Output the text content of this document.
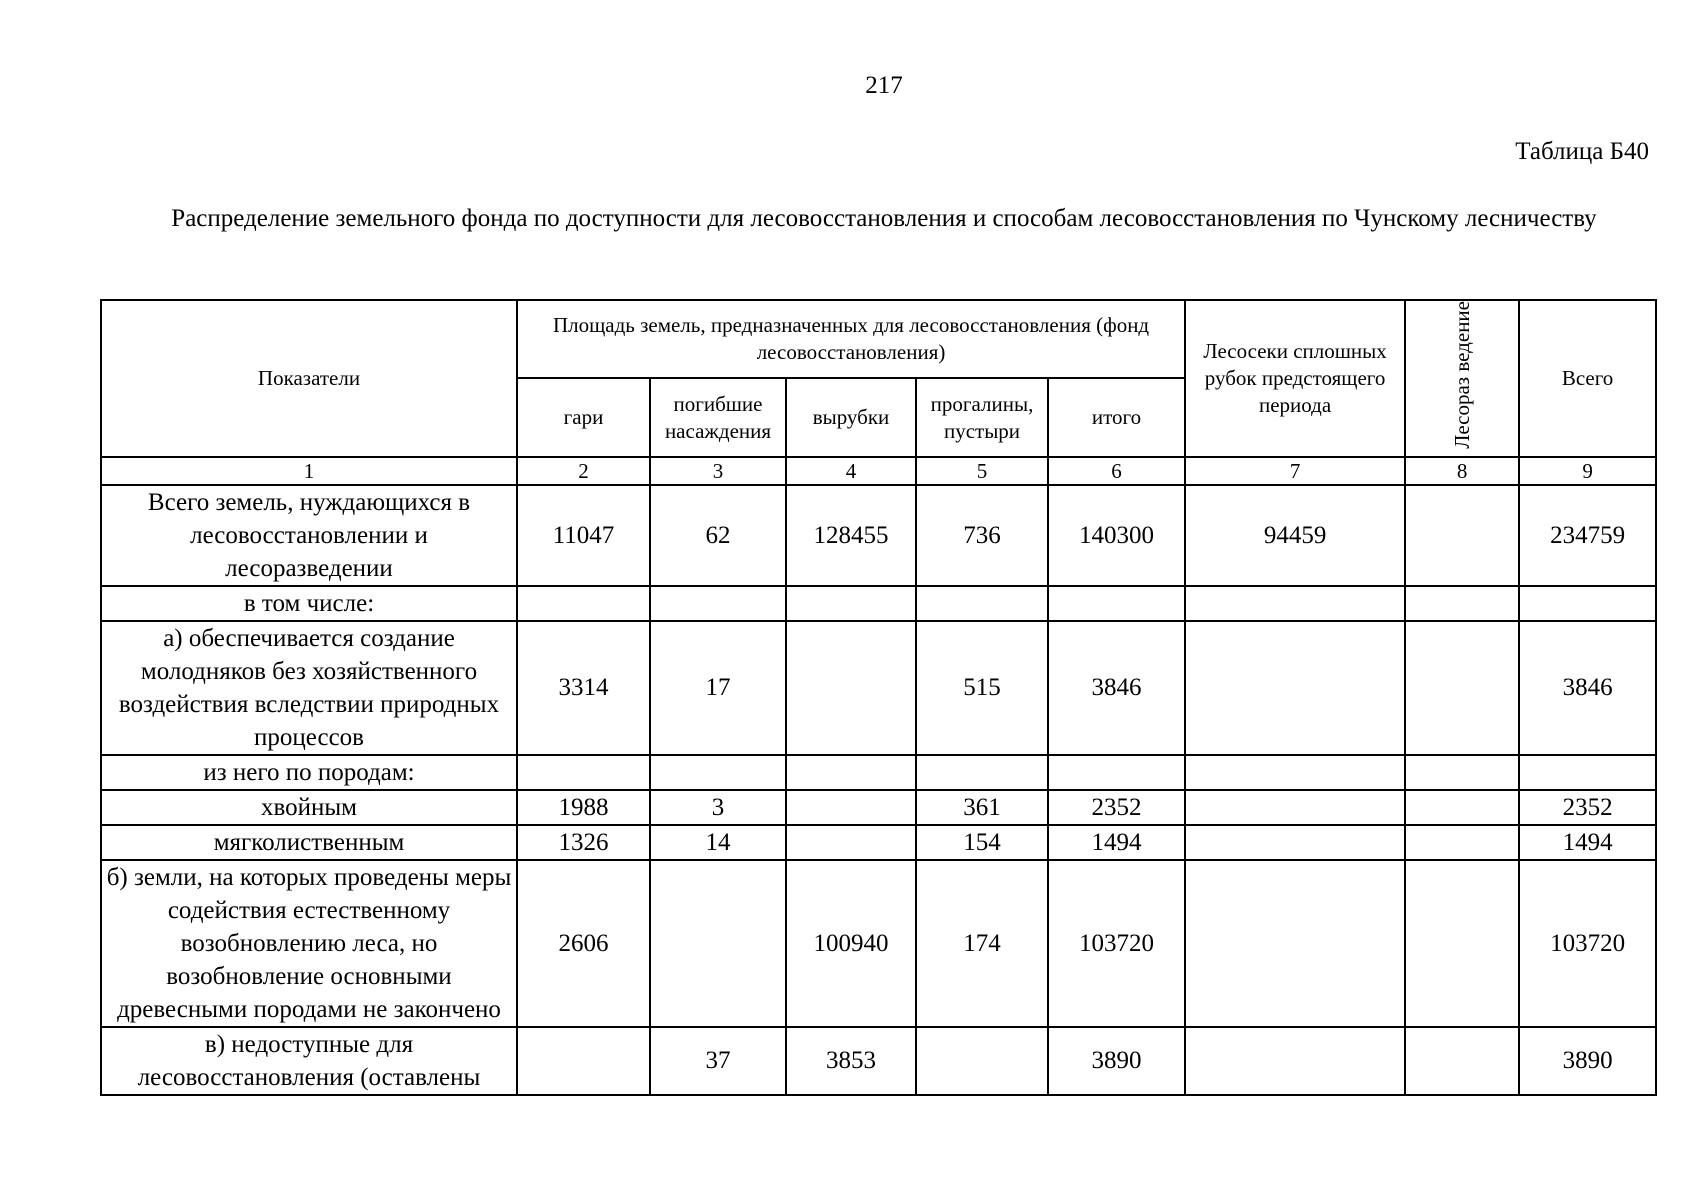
217
Таблица Б40
Распределение земельного фонда по доступности для лесовосстановления и способам лесовосстановления по Чунскому лесничеству
Показатели	Площадь земель, предназначенных для лесовосстановления (фонд лесовосстановления)					Лесосеки сплошных рубок предстоящего периода	Лесораз ведение	Всего
	гари	погибшие насаждения	вырубки	прогалины, пустыри	итого			
1	2	3	4	5	6	7	8	9
Всего земель, нуждающихся в лесовосстановлении и лесоразведении	11047	62	128455	736	140300	94459		234759
в том числе:								
а) обеспечивается создание молодняков без хозяйственного воздействия вследствии природных процессов	3314	17		515	3846			3846
из него по породам:								
хвойным	1988	3		361	2352			2352
мягколиственным	1326	14		154	1494			1494
б) земли, на которых проведены меры содействия естественному возобновлению леса, но возобновление основными древесными породами не закончено	2606		100940	174	103720			103720
в) недоступные для лесовосстановления (оставлены		37	3853		3890			3890
